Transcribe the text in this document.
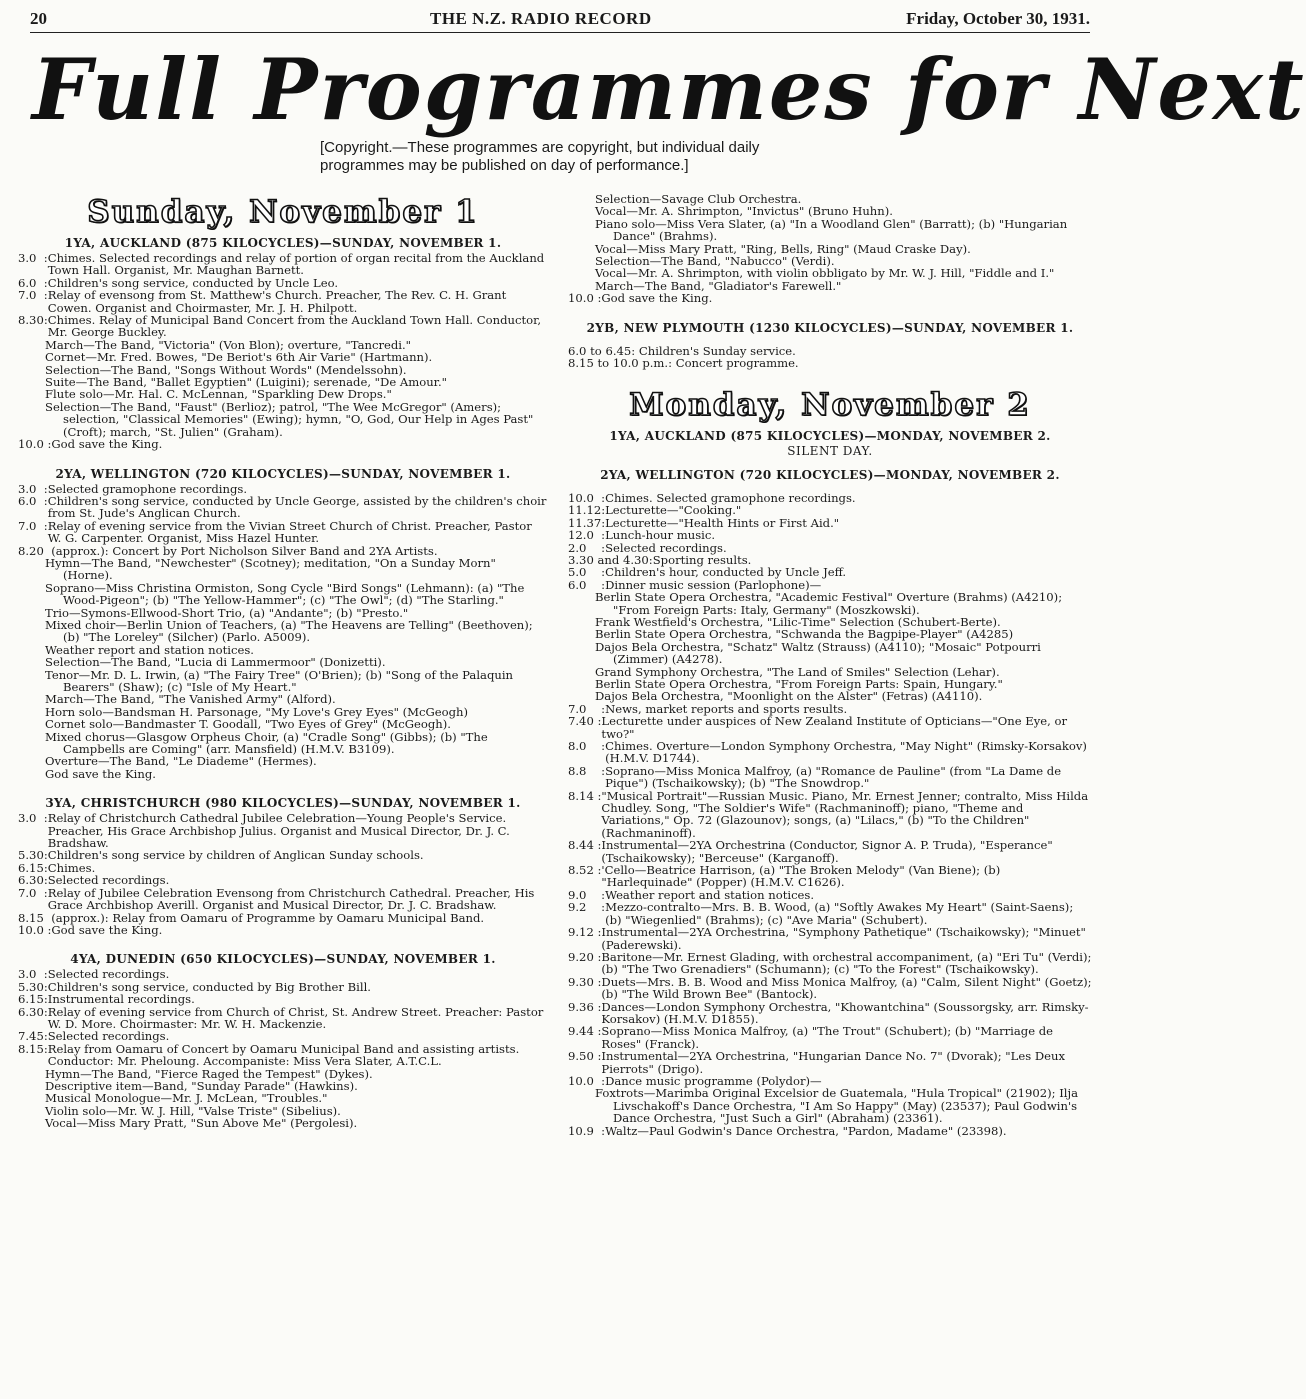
20	THE N.Z. RADIO RECORD	Friday, October 30, 1931.
Full Programmes for Next
[Copyright.—These programmes are copyright, but individual daily programmes may be published on day of performance.]
Sunday, November 1
1YA, AUCKLAND (875 KILOCYCLES)—SUNDAY, NOVEMBER 1.
3.0  : Chimes. Selected recordings and relay of portion of organ recital from the Auckland Town Hall. Organist, Mr. Maughan Barnett.
6.0  : Children's song service, conducted by Uncle Leo.
7.0  : Relay of evensong from St. Matthew's Church. Preacher, The Rev. C. H. Grant Cowen. Organist and Choirmaster, Mr. J. H. Philpott.
8.30: Chimes. Relay of Municipal Band Concert from the Auckland Town Hall. Conductor, Mr. George Buckley.
March—The Band, "Victoria" (Von Blon); overture, "Tancredi."
Cornet—Mr. Fred. Bowes, "De Beriot's 6th Air Varie" (Hartmann).
Selection—The Band, "Songs Without Words" (Mendelssohn).
Suite—The Band, "Ballet Egyptien" (Luigini); serenade, "De Amour."
Flute solo—Mr. Hal. C. McLennan, "Sparkling Dew Drops."
Selection—The Band, "Faust" (Berlioz); patrol, "The Wee McGregor" (Amers); selection, "Classical Memories" (Ewing); hymn, "O, God, Our Help in Ages Past" (Croft); march, "St. Julien" (Graham).
10.0 : God save the King.
2YA, WELLINGTON (720 KILOCYCLES)—SUNDAY, NOVEMBER 1.
3.0  : Selected gramophone recordings.
6.0  : Children's song service, conducted by Uncle George, assisted by the children's choir from St. Jude's Anglican Church.
7.0  : Relay of evening service from the Vivian Street Church of Christ. Preacher, Pastor W. G. Carpenter. Organist, Miss Hazel Hunter.
8.20 (approx.): Concert by Port Nicholson Silver Band and 2YA Artists.
Hymn—The Band, "Newchester" (Scotney); meditation, "On a Sunday Morn" (Horne).
Soprano—Miss Christina Ormiston, Song Cycle "Bird Songs" (Lehmann): (a) "The Wood-Pigeon"; (b) "The Yellow-Hammer"; (c) "The Owl"; (d) "The Starling."
Trio—Symons-Ellwood-Short Trio, (a) "Andante"; (b) "Presto."
Mixed choir—Berlin Union of Teachers, (a) "The Heavens are Telling" (Beethoven); (b) "The Loreley" (Silcher) (Parlo. A5009).
Weather report and station notices.
Selection—The Band, "Lucia di Lammermoor" (Donizetti).
Tenor—Mr. D. L. Irwin, (a) "The Fairy Tree" (O'Brien); (b) "Song of the Palaquin Bearers" (Shaw); (c) "Isle of My Heart."
March—The Band, "The Vanished Army" (Alford).
Horn solo—Bandsman H. Parsonage, "My Love's Grey Eyes" (McGeogh)
Cornet solo—Bandmaster T. Goodall, "Two Eyes of Grey" (McGeogh).
Mixed chorus—Glasgow Orpheus Choir, (a) "Cradle Song" (Gibbs); (b) "The Campbells are Coming" (arr. Mansfield) (H.M.V. B3109).
Overture—The Band, "Le Diademe" (Hermes).
God save the King.
3YA, CHRISTCHURCH (980 KILOCYCLES)—SUNDAY, NOVEMBER 1.
3.0  : Relay of Christchurch Cathedral Jubilee Celebration—Young People's Service. Preacher, His Grace Archbishop Julius. Organist and Musical Director, Dr. J. C. Bradshaw.
5.30: Children's song service by children of Anglican Sunday schools.
6.15: Chimes.
6.30: Selected recordings.
7.0  : Relay of Jubilee Celebration Evensong from Christchurch Cathedral. Preacher, His Grace Archbishop Averill. Organist and Musical Director, Dr. J. C. Bradshaw.
8.15 (approx.): Relay from Oamaru of Programme by Oamaru Municipal Band.
10.0 : God save the King.
4YA, DUNEDIN (650 KILOCYCLES)—SUNDAY, NOVEMBER 1.
3.0  : Selected recordings.
5.30: Children's song service, conducted by Big Brother Bill.
6.15: Instrumental recordings.
6.30: Relay of evening service from Church of Christ, St. Andrew Street. Preacher: Pastor W. D. More. Choirmaster: Mr. W. H. Mackenzie.
7.45: Selected recordings.
8.15: Relay from Oamaru of Concert by Oamaru Municipal Band and assisting artists. Conductor: Mr. Pheloung. Accompaniste: Miss Vera Slater, A.T.C.L.
Hymn—The Band, "Fierce Raged the Tempest" (Dykes).
Descriptive item—Band, "Sunday Parade" (Hawkins).
Musical Monologue—Mr. J. McLean, "Troubles."
Violin solo—Mr. W. J. Hill, "Valse Triste" (Sibelius).
Vocal—Miss Mary Pratt, "Sun Above Me" (Pergolesi).
Selection—Savage Club Orchestra.
Vocal—Mr. A. Shrimpton, "Invictus" (Bruno Huhn).
Piano solo—Miss Vera Slater, (a) "In a Woodland Glen" (Barratt); (b) "Hungarian Dance" (Brahms).
Vocal—Miss Mary Pratt, "Ring, Bells, Ring" (Maud Craske Day).
Selection—The Band, "Nabucco" (Verdi).
Vocal—Mr. A. Shrimpton, with violin obbligato by Mr. W. J. Hill, "Fiddle and I."
March—The Band, "Gladiator's Farewell."
10.0 : God save the King.
2YB, NEW PLYMOUTH (1230 KILOCYCLES)—SUNDAY, NOVEMBER 1.
6.0 to 6.45: Children's Sunday service.
8.15 to 10.0 p.m.: Concert programme.
Monday, November 2
1YA, AUCKLAND (875 KILOCYCLES)—MONDAY, NOVEMBER 2.
SILENT DAY.
2YA, WELLINGTON (720 KILOCYCLES)—MONDAY, NOVEMBER 2.
10.0  : Chimes. Selected gramophone recordings.
11.12: Lecturette—"Cooking."
11.37: Lecturette—"Health Hints or First Aid."
12.0  : Lunch-hour music.
2.0    : Selected recordings.
3.30 and 4.30: Sporting results.
5.0    : Children's hour, conducted by Uncle Jeff.
6.0    : Dinner music session (Parlophone)—
Berlin State Opera Orchestra, "Academic Festival" Overture (Brahms) (A4210); "From Foreign Parts: Italy, Germany" (Moszkowski).
Frank Westfield's Orchestra, "Lilic-Time" Selection (Schubert-Berte).
Berlin State Opera Orchestra, "Schwanda the Bagpipe-Player" (A4285)
Dajos Bela Orchestra, "Schatz" Waltz (Strauss) (A4110); "Mosaic" Potpourri (Zimmer) (A4278).
Grand Symphony Orchestra, "The Land of Smiles" Selection (Lehar).
Berlin State Opera Orchestra, "From Foreign Parts: Spain, Hungary."
Dajos Bela Orchestra, "Moonlight on the Alster" (Fetras) (A4110).
7.0    : News, market reports and sports results.
7.40 : Lecturette under auspices of New Zealand Institute of Opticians—"One Eye, or two?"
8.0    : Chimes. Overture—London Symphony Orchestra, "May Night" (Rimsky-Korsakov) (H.M.V. D1744).
8.8    : Soprano—Miss Monica Malfroy, (a) "Romance de Pauline" (from "La Dame de Pique") (Tschaikowsky); (b) "The Snowdrop."
8.14 : "Musical Portrait"—Russian Music. Piano, Mr. Ernest Jenner; contralto, Miss Hilda Chudley. Song, "The Soldier's Wife" (Rachmaninoff); piano, "Theme and Variations," Op. 72 (Glazounov); songs, (a) "Lilacs," (b) "To the Children" (Rachmaninoff).
8.44 : Instrumental—2YA Orchestrina (Conductor, Signor A. P. Truda), "Esperance" (Tschaikowsky); "Berceuse" (Karganoff).
8.52 : 'Cello—Beatrice Harrison, (a) "The Broken Melody" (Van Biene); (b) "Harlequinade" (Popper) (H.M.V. C1626).
9.0    : Weather report and station notices.
9.2    : Mezzo-contralto—Mrs. B. B. Wood, (a) "Softly Awakes My Heart" (Saint-Saens); (b) "Wiegenlied" (Brahms); (c) "Ave Maria" (Schubert).
9.12 : Instrumental—2YA Orchestrina, "Symphony Pathetique" (Tschaikowsky); "Minuet" (Paderewski).
9.20 : Baritone—Mr. Ernest Glading, with orchestral accompaniment, (a) "Eri Tu" (Verdi); (b) "The Two Grenadiers" (Schumann); (c) "To the Forest" (Tschaikowsky).
9.30 : Duets—Mrs. B. B. Wood and Miss Monica Malfroy, (a) "Calm, Silent Night" (Goetz); (b) "The Wild Brown Bee" (Bantock).
9.36 : Dances—London Symphony Orchestra, "Khowantchina" (Soussorgsky, arr. Rimsky-Korsakov) (H.M.V. D1855).
9.44 : Soprano—Miss Monica Malfroy, (a) "The Trout" (Schubert); (b) "Marriage de Roses" (Franck).
9.50 : Instrumental—2YA Orchestrina, "Hungarian Dance No. 7" (Dvorak); "Les Deux Pierrots" (Drigo).
10.0  : Dance music programme (Polydor)—
Foxtrots—Marimba Original Excelsior de Guatemala, "Hula Tropical" (21902); Ilja Livschakoff's Dance Orchestra, "I Am So Happy" (May) (23537); Paul Godwin's Dance Orchestra, "Just Such a Girl" (Abraham) (23361).
10.9  : Waltz—Paul Godwin's Dance Orchestra, "Pardon, Madame" (23398).
